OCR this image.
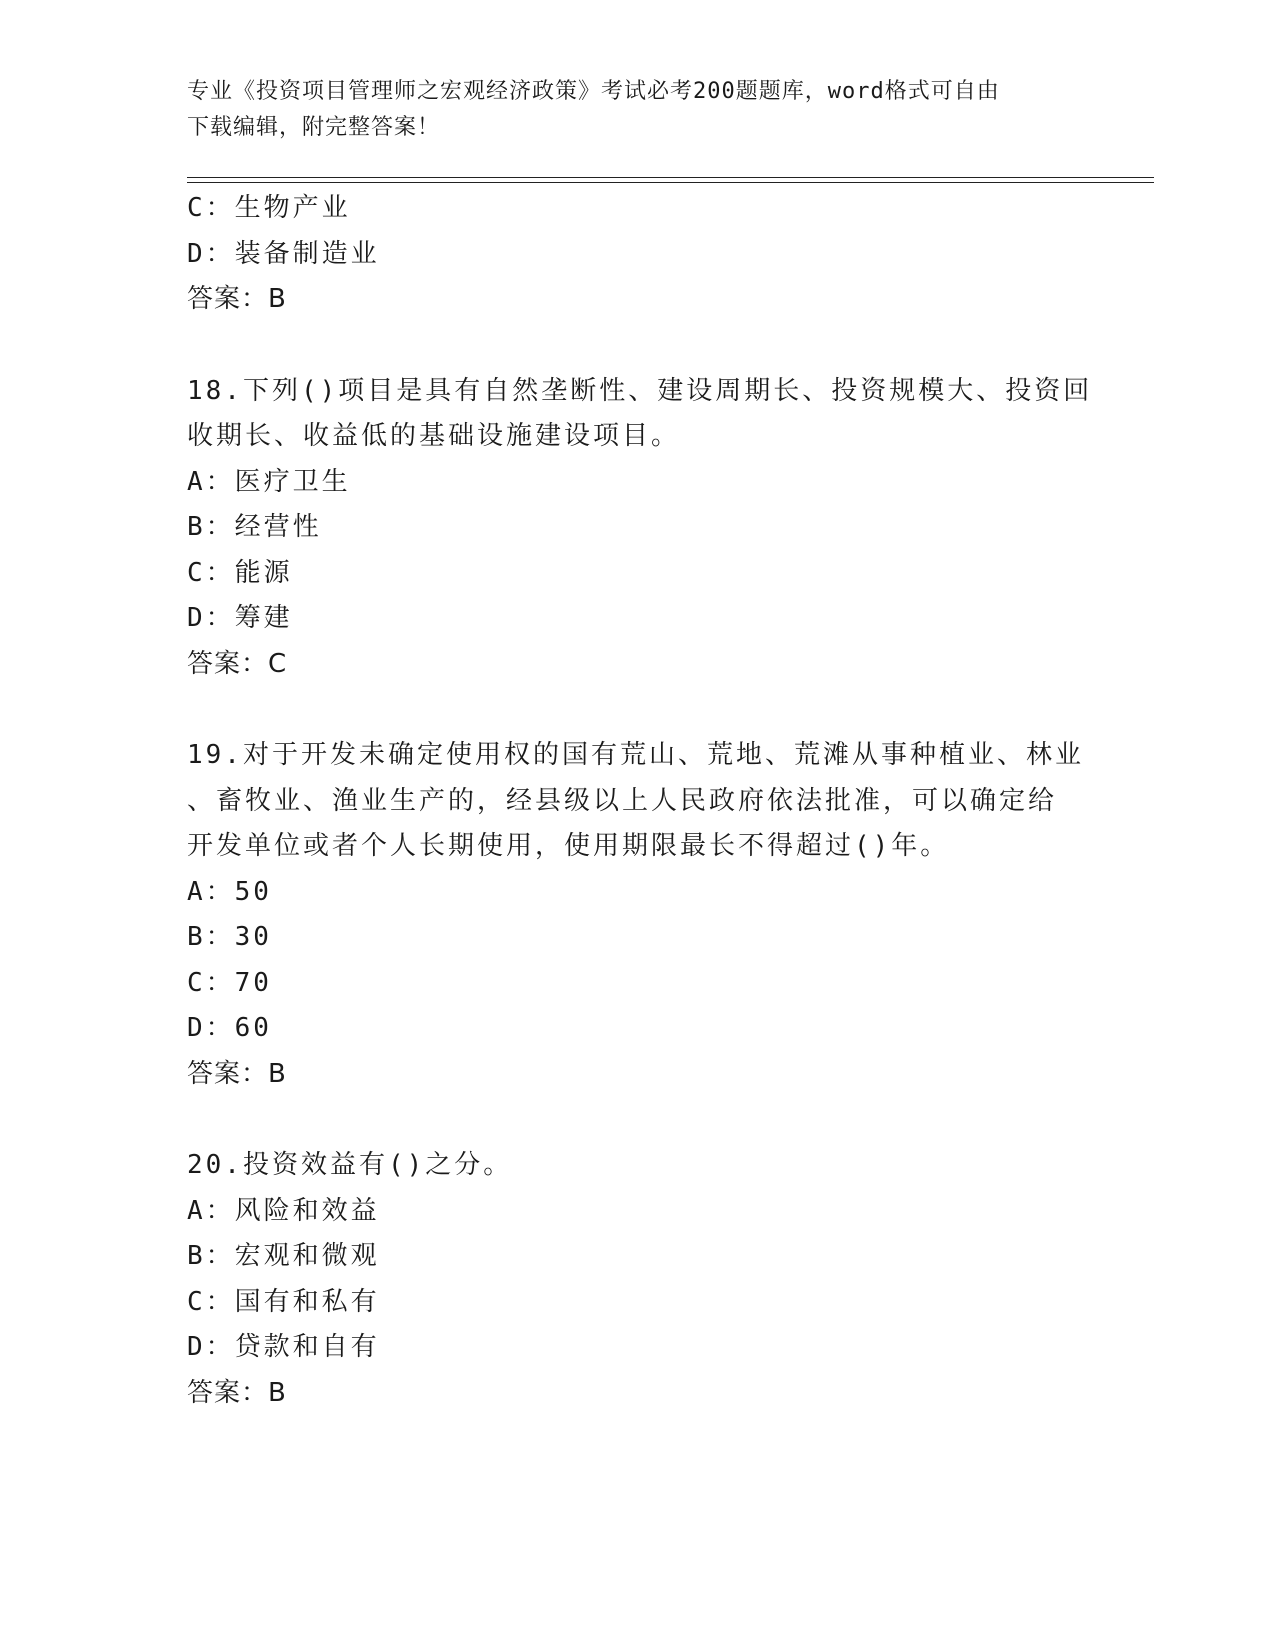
专业《投资项目管理师之宏观经济政策》考试必考200题题库，word格式可自由
下载编辑，附完整答案！
C：生物产业
D：装备制造业
答案：B
18.下列()项目是具有自然垄断性、建设周期长、投资规模大、投资回
收期长、收益低的基础设施建设项目。
A：医疗卫生
B：经营性
C：能源
D：筹建
答案：C
19.对于开发未确定使用权的国有荒山、荒地、荒滩从事种植业、林业
、畜牧业、渔业生产的，经县级以上人民政府依法批准，可以确定给
开发单位或者个人长期使用，使用期限最长不得超过()年。
A：50
B：30
C：70
D：60
答案：B
20.投资效益有()之分。
A：风险和效益
B：宏观和微观
C：国有和私有
D：贷款和自有
答案：B
